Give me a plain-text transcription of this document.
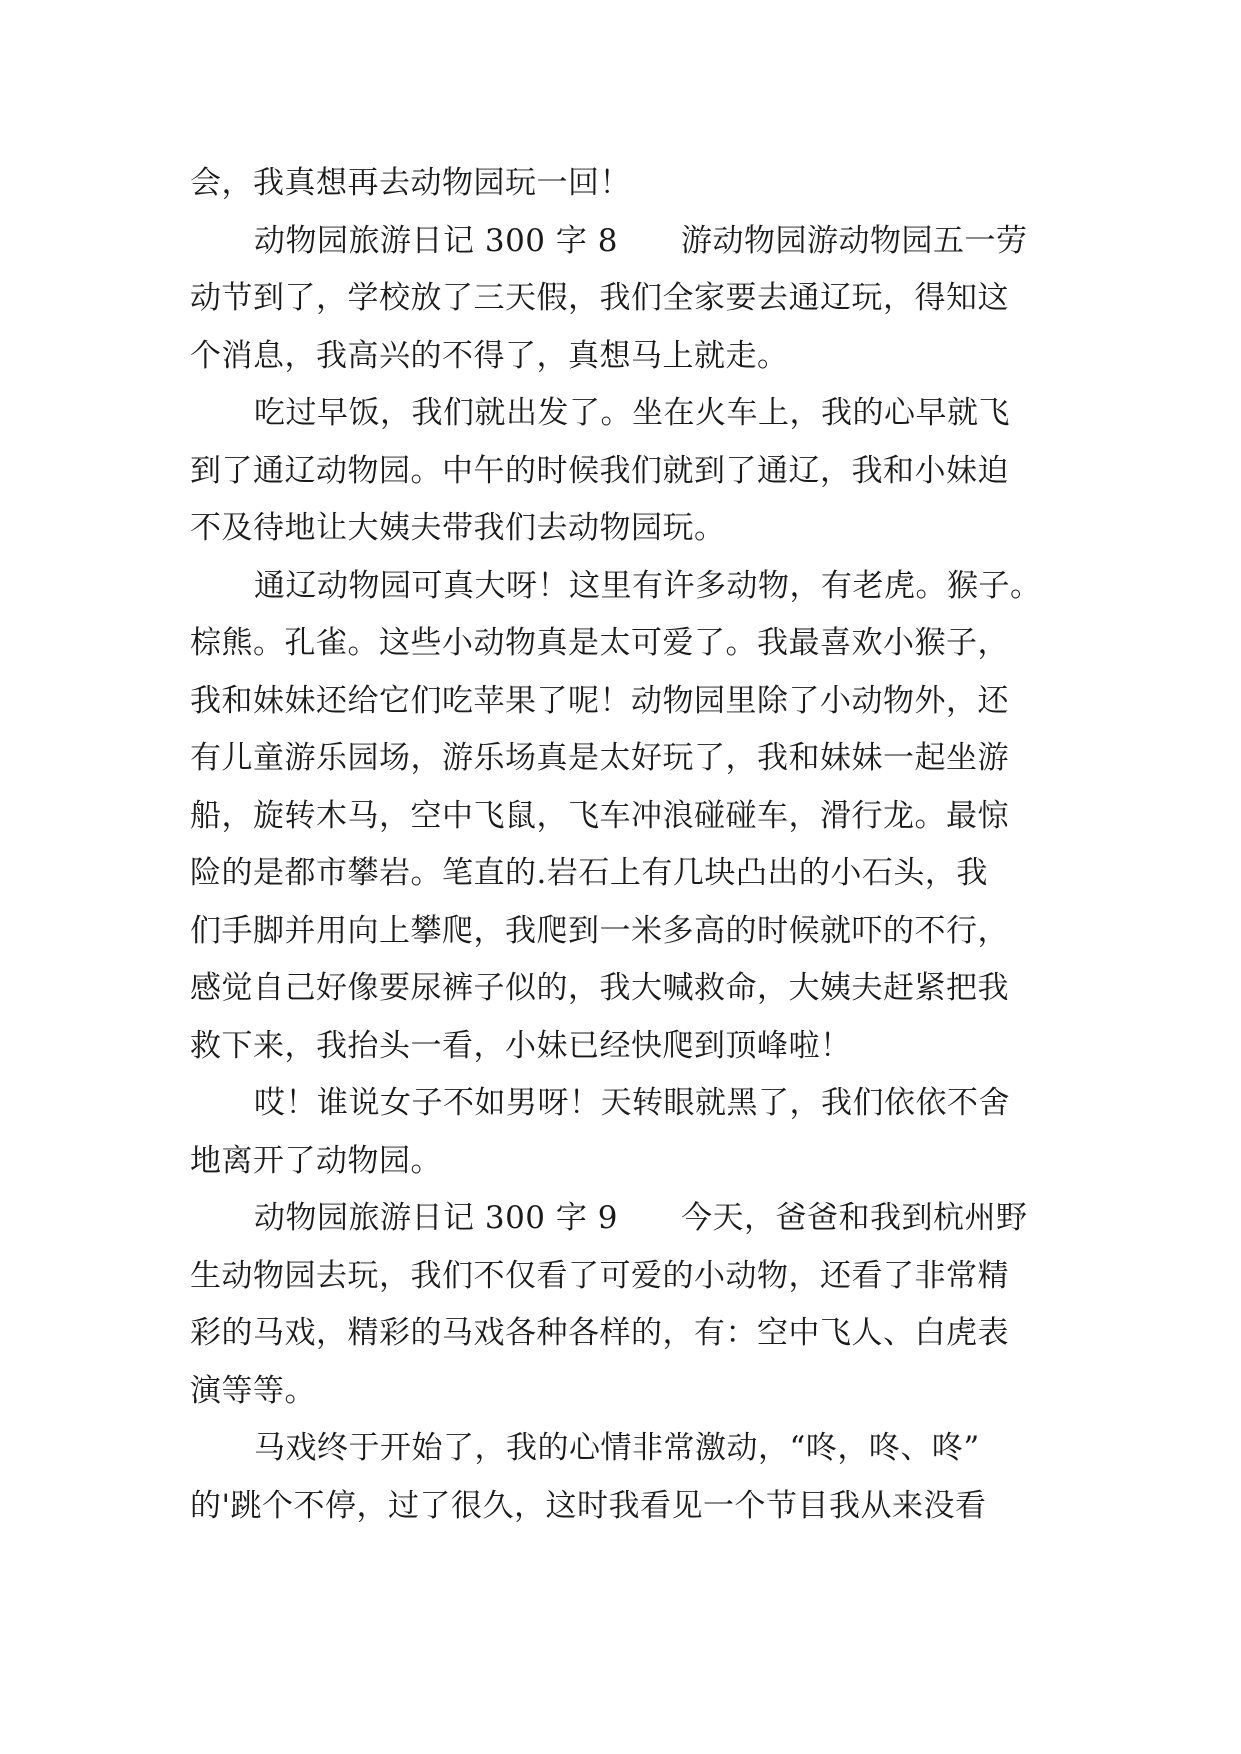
会，我真想再去动物园玩一回！
动物园旅游日记 300 字 8　　游动物园游动物园五一劳
动节到了，学校放了三天假，我们全家要去通辽玩，得知这
个消息，我高兴的不得了，真想马上就走。
吃过早饭，我们就出发了。坐在火车上，我的心早就飞
到了通辽动物园。中午的时候我们就到了通辽，我和小妹迫
不及待地让大姨夫带我们去动物园玩。
通辽动物园可真大呀！这里有许多动物，有老虎。猴子。
棕熊。孔雀。这些小动物真是太可爱了。我最喜欢小猴子，
我和妹妹还给它们吃苹果了呢！动物园里除了小动物外，还
有儿童游乐园场，游乐场真是太好玩了，我和妹妹一起坐游
船，旋转木马，空中飞鼠，飞车冲浪碰碰车，滑行龙。最惊
险的是都市攀岩。笔直的.岩石上有几块凸出的小石头，我
们手脚并用向上攀爬，我爬到一米多高的时候就吓的不行，
感觉自己好像要尿裤子似的，我大喊救命，大姨夫赶紧把我
救下来，我抬头一看，小妹已经快爬到顶峰啦！
哎！谁说女子不如男呀！天转眼就黑了，我们依依不舍
地离开了动物园。
动物园旅游日记 300 字 9　　今天，爸爸和我到杭州野
生动物园去玩，我们不仅看了可爱的小动物，还看了非常精
彩的马戏，精彩的马戏各种各样的，有：空中飞人、白虎表
演等等。
马戏终于开始了，我的心情非常激动，“咚，咚、咚”
的'跳个不停，过了很久，这时我看见一个节目我从来没看
